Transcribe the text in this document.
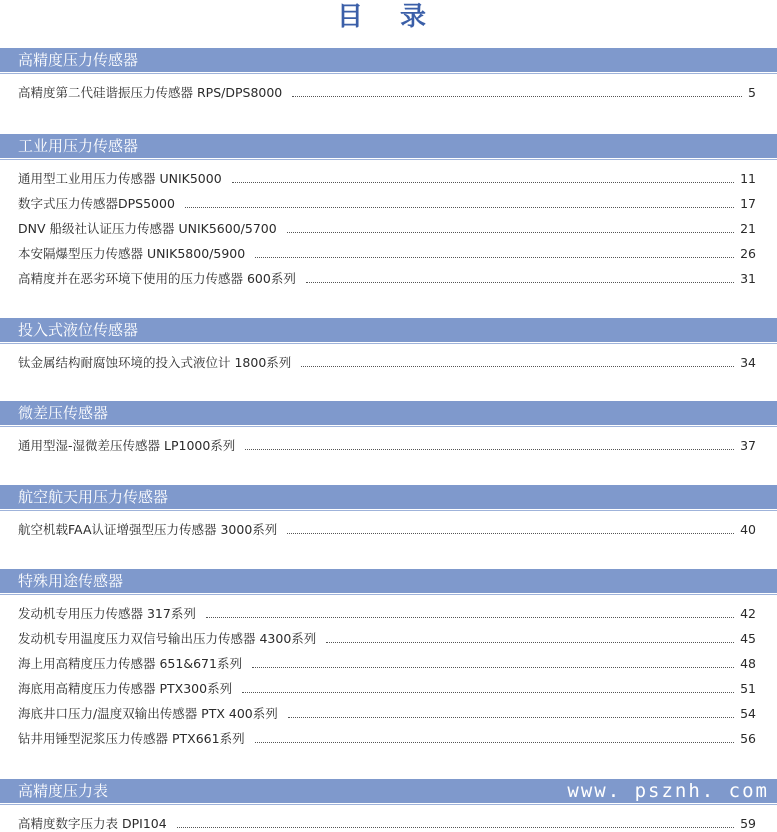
目 录
高精度压力传感器
高精度第二代硅谐振压力传感器 RPS/DPS8000	5
工业用压力传感器
通用型工业用压力传感器 UNIK5000	11
数字式压力传感器DPS5000	17
DNV 船级社认证压力传感器 UNIK5600/5700	21
本安隔爆型压力传感器 UNIK5800/5900	26
高精度并在恶劣环境下使用的压力传感器 600系列	31
投入式液位传感器
钛金属结构耐腐蚀环境的投入式液位计 1800系列	34
微差压传感器
通用型湿-湿微差压传感器 LP1000系列	37
航空航天用压力传感器
航空机载FAA认证增强型压力传感器 3000系列	40
特殊用途传感器
发动机专用压力传感器 317系列	42
发动机专用温度压力双信号输出压力传感器 4300系列	45
海上用高精度压力传感器 651&671系列	48
海底用高精度压力传感器 PTX300系列	51
海底井口压力/温度双输出传感器 PTX 400系列	54
钻井用锤型泥浆压力传感器 PTX661系列	56
高精度压力表
高精度数字压力表 DPI104	59
www. psznh. com
